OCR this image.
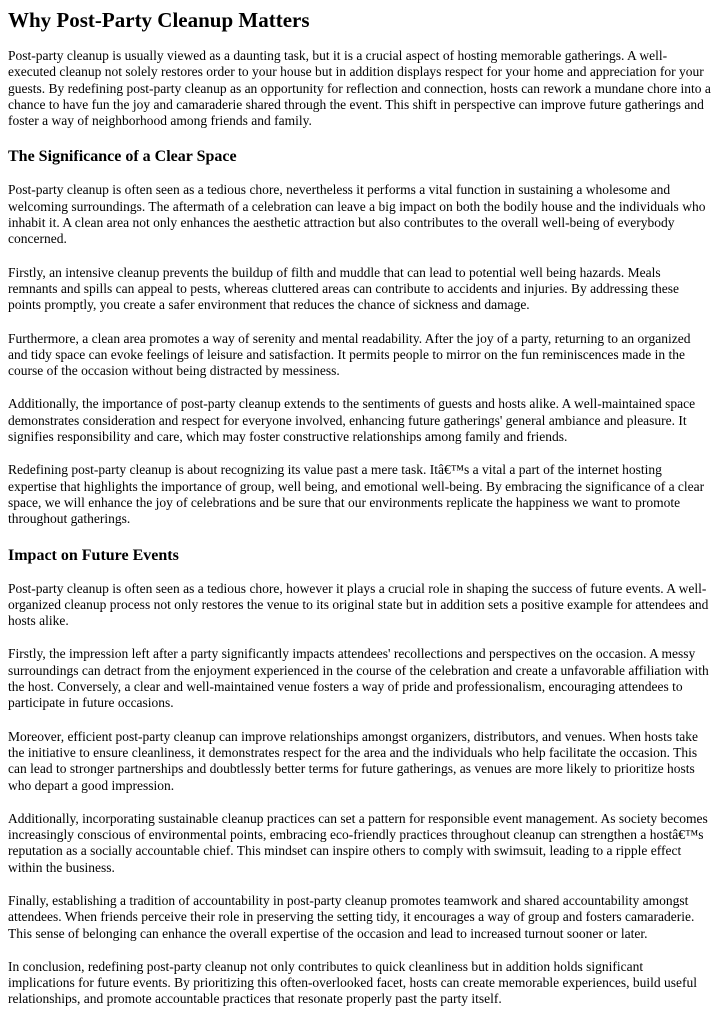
Why Post-Party Cleanup Matters

Post-party cleanup is usually viewed as a daunting task, but it is a crucial aspect of hosting memorable gatherings. A well-executed cleanup not solely restores order to your house but in addition displays respect for your home and appreciation for your guests. By redefining post-party cleanup as an opportunity for reflection and connection, hosts can rework a mundane chore into a chance to have fun the joy and camaraderie shared through the event. This shift in perspective can improve future gatherings and foster a way of neighborhood among friends and family.

The Significance of a Clear Space

Post-party cleanup is often seen as a tedious chore, nevertheless it performs a vital function in sustaining a wholesome and welcoming surroundings. The aftermath of a celebration can leave a big impact on both the bodily house and the individuals who inhabit it. A clean area not only enhances the aesthetic attraction but also contributes to the overall well-being of everybody concerned.

Firstly, an intensive cleanup prevents the buildup of filth and muddle that can lead to potential well being hazards. Meals remnants and spills can appeal to pests, whereas cluttered areas can contribute to accidents and injuries. By addressing these points promptly, you create a safer environment that reduces the chance of sickness and damage.

Furthermore, a clean area promotes a way of serenity and mental readability. After the joy of a party, returning to an organized and tidy space can evoke feelings of leisure and satisfaction. It permits people to mirror on the fun reminiscences made in the course of the occasion without being distracted by messiness.

Additionally, the importance of post-party cleanup extends to the sentiments of guests and hosts alike. A well-maintained space demonstrates consideration and respect for everyone involved, enhancing future gatherings' general ambiance and pleasure. It signifies responsibility and care, which may foster constructive relationships among family and friends.

Redefining post-party cleanup is about recognizing its value past a mere task. Itâ€™s a vital a part of the internet hosting expertise that highlights the importance of group, well being, and emotional well-being. By embracing the significance of a clear space, we will enhance the joy of celebrations and be sure that our environments replicate the happiness we want to promote throughout gatherings.

Impact on Future Events

Post-party cleanup is often seen as a tedious chore, however it plays a crucial role in shaping the success of future events. A well-organized cleanup process not only restores the venue to its original state but in addition sets a positive example for attendees and hosts alike.

Firstly, the impression left after a party significantly impacts attendees' recollections and perspectives on the occasion. A messy surroundings can detract from the enjoyment experienced in the course of the celebration and create a unfavorable affiliation with the host. Conversely, a clear and well-maintained venue fosters a way of pride and professionalism, encouraging attendees to participate in future occasions.

Moreover, efficient post-party cleanup can improve relationships amongst organizers, distributors, and venues. When hosts take the initiative to ensure cleanliness, it demonstrates respect for the area and the individuals who help facilitate the occasion. This can lead to stronger partnerships and doubtlessly better terms for future gatherings, as venues are more likely to prioritize hosts who depart a good impression.

Additionally, incorporating sustainable cleanup practices can set a pattern for responsible event management. As society becomes increasingly conscious of environmental points, embracing eco-friendly practices throughout cleanup can strengthen a hostâ€™s reputation as a socially accountable chief. This mindset can inspire others to comply with swimsuit, leading to a ripple effect within the business.

Finally, establishing a tradition of accountability in post-party cleanup promotes teamwork and shared accountability amongst attendees. When friends perceive their role in preserving the setting tidy, it encourages a way of group and fosters camaraderie. This sense of belonging can enhance the overall expertise of the occasion and lead to increased turnout sooner or later.

In conclusion, redefining post-party cleanup not only contributes to quick cleanliness but in addition holds significant implications for future events. By prioritizing this often-overlooked facet, hosts can create memorable experiences, build useful relationships, and promote accountable practices that resonate properly past the party itself.
